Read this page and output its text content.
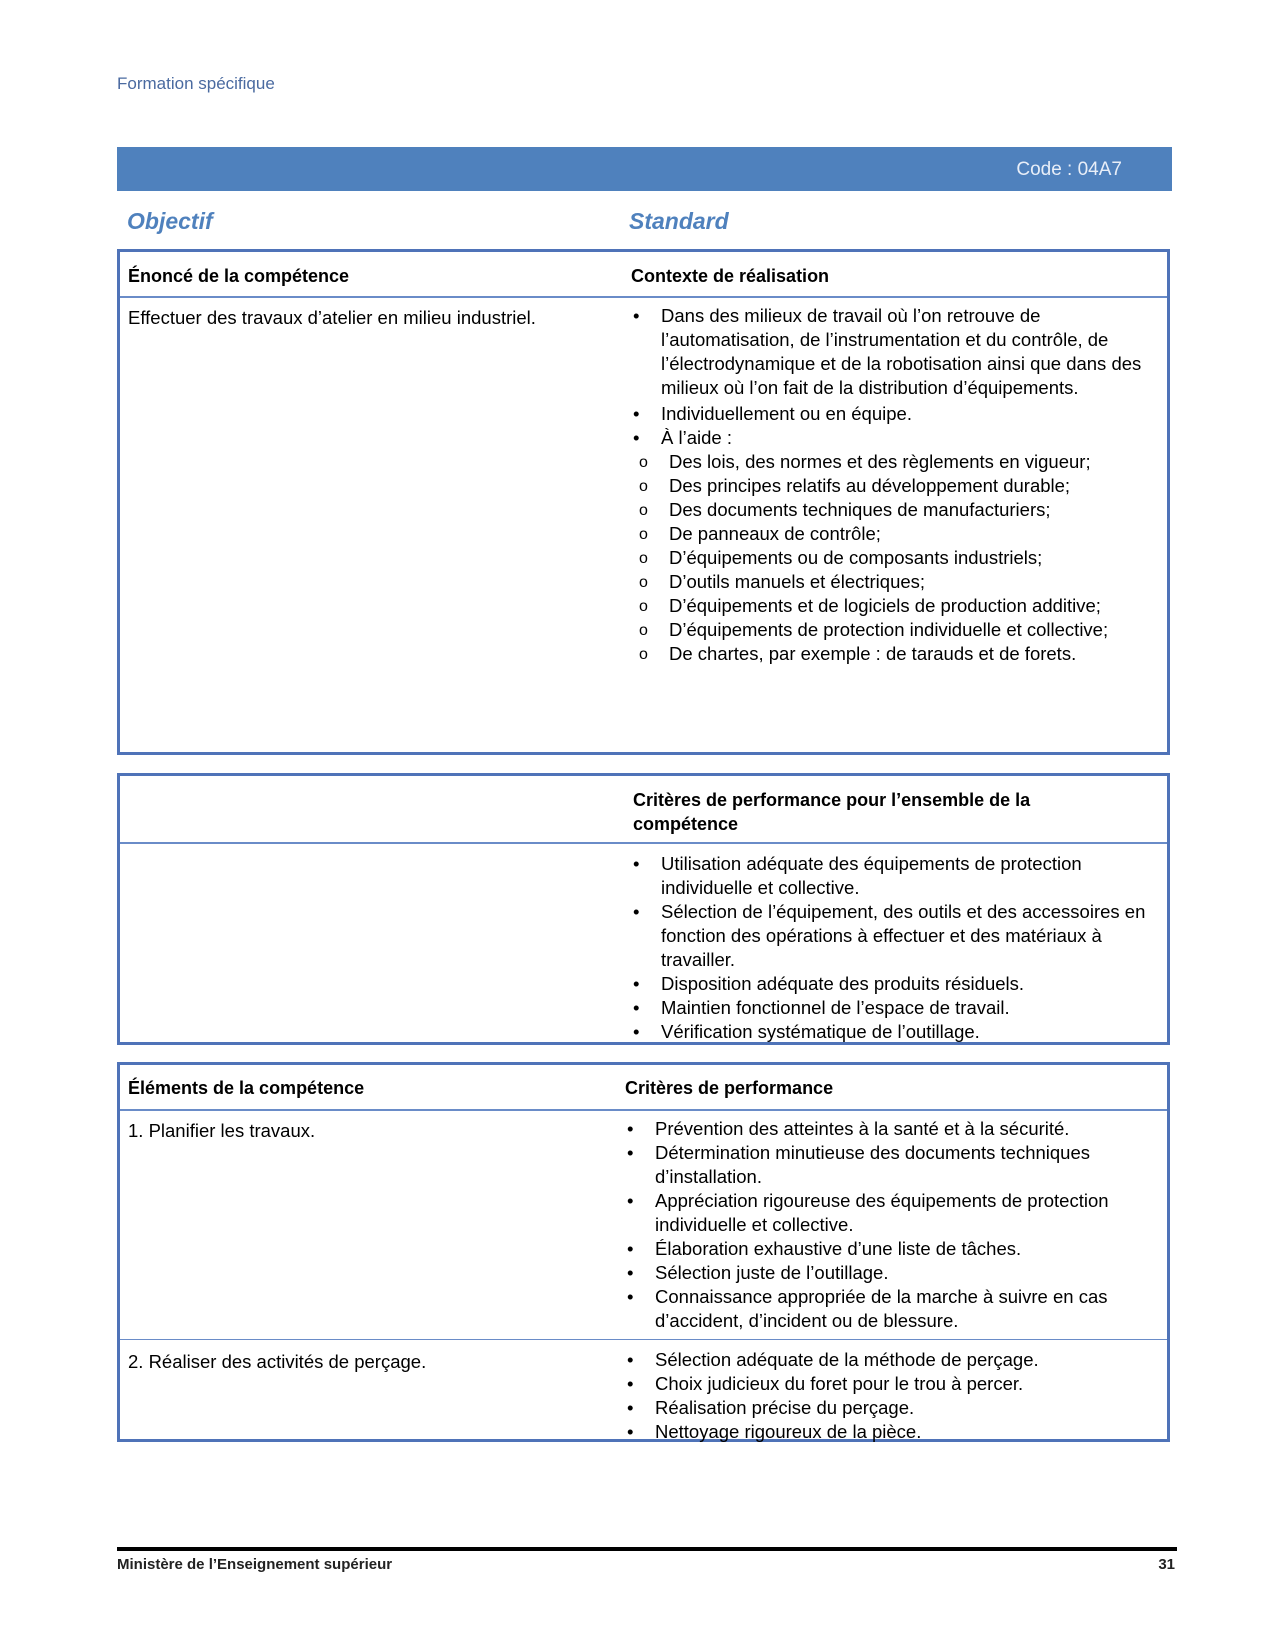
Formation spécifique
Code : 04A7
Objectif	Standard
Énoncé de la compétence	Contexte de réalisation
Effectuer des travaux d’atelier en milieu industriel.	• Dans des milieux de travail où l’on retrouve de l’automatisation, de l’instrumentation et du contrôle, de l’électrodynamique et de la robotisation ainsi que dans des milieux où l’on fait de la distribution d’équipements.
• Individuellement ou en équipe.
• À l’aide :
o Des lois, des normes et des règlements en vigueur;
o Des principes relatifs au développement durable;
o Des documents techniques de manufacturiers;
o De panneaux de contrôle;
o D’équipements ou de composants industriels;
o D’outils manuels et électriques;
o D’équipements et de logiciels de production additive;
o D’équipements de protection individuelle et collective;
o De chartes, par exemple : de tarauds et de forets.
Critères de performance pour l’ensemble de la compétence
• Utilisation adéquate des équipements de protection individuelle et collective.
• Sélection de l’équipement, des outils et des accessoires en fonction des opérations à effectuer et des matériaux à travailler.
• Disposition adéquate des produits résiduels.
• Maintien fonctionnel de l’espace de travail.
• Vérification systématique de l’outillage.
Éléments de la compétence	Critères de performance
1. Planifier les travaux.	• Prévention des atteintes à la santé et à la sécurité.
• Détermination minutieuse des documents techniques d’installation.
• Appréciation rigoureuse des équipements de protection individuelle et collective.
• Élaboration exhaustive d’une liste de tâches.
• Sélection juste de l’outillage.
• Connaissance appropriée de la marche à suivre en cas d’accident, d’incident ou de blessure.
2. Réaliser des activités de perçage.	• Sélection adéquate de la méthode de perçage.
• Choix judicieux du foret pour le trou à percer.
• Réalisation précise du perçage.
• Nettoyage rigoureux de la pièce.
Ministère de l’Enseignement supérieur	31
